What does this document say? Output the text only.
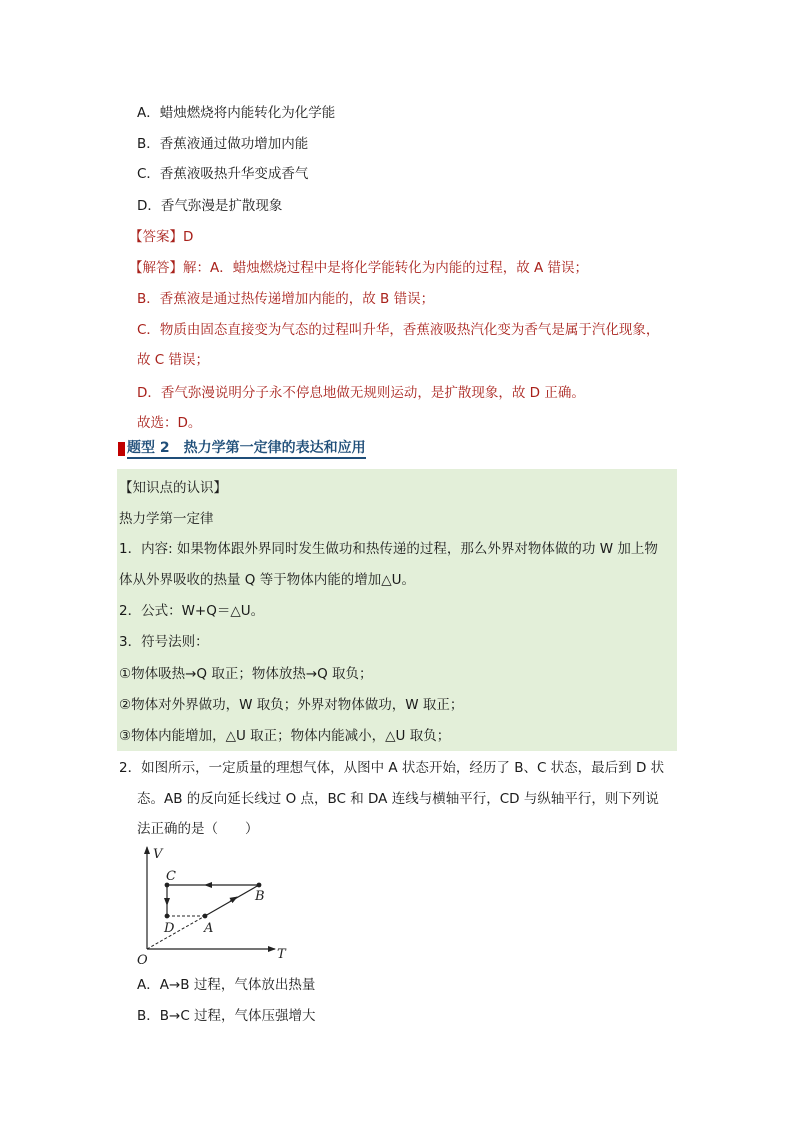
A．蜡烛燃烧将内能转化为化学能
B．香蕉液通过做功增加内能
C．香蕉液吸热升华变成香气
D．香气弥漫是扩散现象
【答案】D
【解答】解：A．蜡烛燃烧过程中是将化学能转化为内能的过程，故 A 错误；
B．香蕉液是通过热传递增加内能的，故 B 错误；
C．物质由固态直接变为气态的过程叫升华，香蕉液吸热汽化变为香气是属于汽化现象，
故 C 错误；
D．香气弥漫说明分子永不停息地做无规则运动，是扩散现象，故 D 正确。
故选：D。
题型 2　热力学第一定律的表达和应用
【知识点的认识】
热力学第一定律
1．内容: 如果物体跟外界同时发生做功和热传递的过程，那么外界对物体做的功 W 加上物
体从外界吸收的热量 Q 等于物体内能的增加△U。
2．公式：W+Q＝△U。
3．符号法则：
①物体吸热→Q 取正；物体放热→Q 取负；
②物体对外界做功，W 取负；外界对物体做功，W 取正；
③物体内能增加，△U 取正；物体内能减小，△U 取负；
2．如图所示，一定质量的理想气体，从图中 A 状态开始，经历了 B、C 状态，最后到 D 状
态。AB 的反向延长线过 O 点，BC 和 DA 连线与横轴平行，CD 与纵轴平行，则下列说
法正确的是（　　）
V
T
O
A
B
C
D
A．A→B 过程，气体放出热量
B．B→C 过程，气体压强增大
